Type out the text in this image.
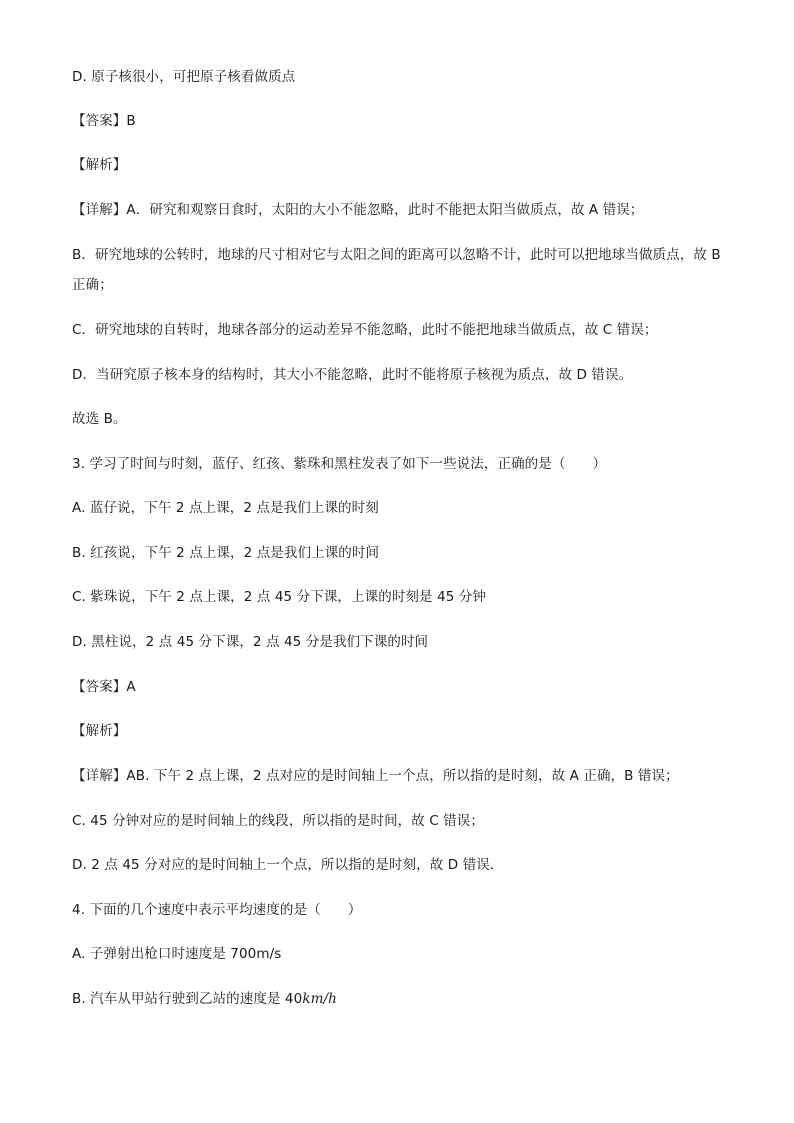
D. 原子核很小，可把原子核看做质点
【答案】B
【解析】
【详解】A．研究和观察日食时，太阳的大小不能忽略，此时不能把太阳当做质点，故 A 错误；
B．研究地球的公转时，地球的尺寸相对它与太阳之间的距离可以忽略不计，此时可以把地球当做质点，故 B 正确；
C．研究地球的自转时，地球各部分的运动差异不能忽略，此时不能把地球当做质点，故 C 错误；
D．当研究原子核本身的结构时，其大小不能忽略，此时不能将原子核视为质点，故 D 错误。
故选 B。
3. 学习了时间与时刻，蓝仔、红孩、紫珠和黑柱发表了如下一些说法，正确的是（　　）
A. 蓝仔说，下午 2 点上课，2 点是我们上课的时刻
B. 红孩说，下午 2 点上课，2 点是我们上课的时间
C. 紫珠说，下午 2 点上课，2 点 45 分下课，上课的时刻是 45 分钟
D. 黑柱说，2 点 45 分下课，2 点 45 分是我们下课的时间
【答案】A
【解析】
【详解】AB. 下午 2 点上课，2 点对应的是时间轴上一个点，所以指的是时刻，故 A 正确，B 错误；
C. 45 分钟对应的是时间轴上的线段，所以指的是时间，故 C 错误；
D. 2 点 45 分对应的是时间轴上一个点，所以指的是时刻，故 D 错误．
4. 下面的几个速度中表示平均速度的是（　　）
A. 子弹射出枪口时速度是 700m/s
B. 汽车从甲站行驶到乙站的速度是 40km/h
